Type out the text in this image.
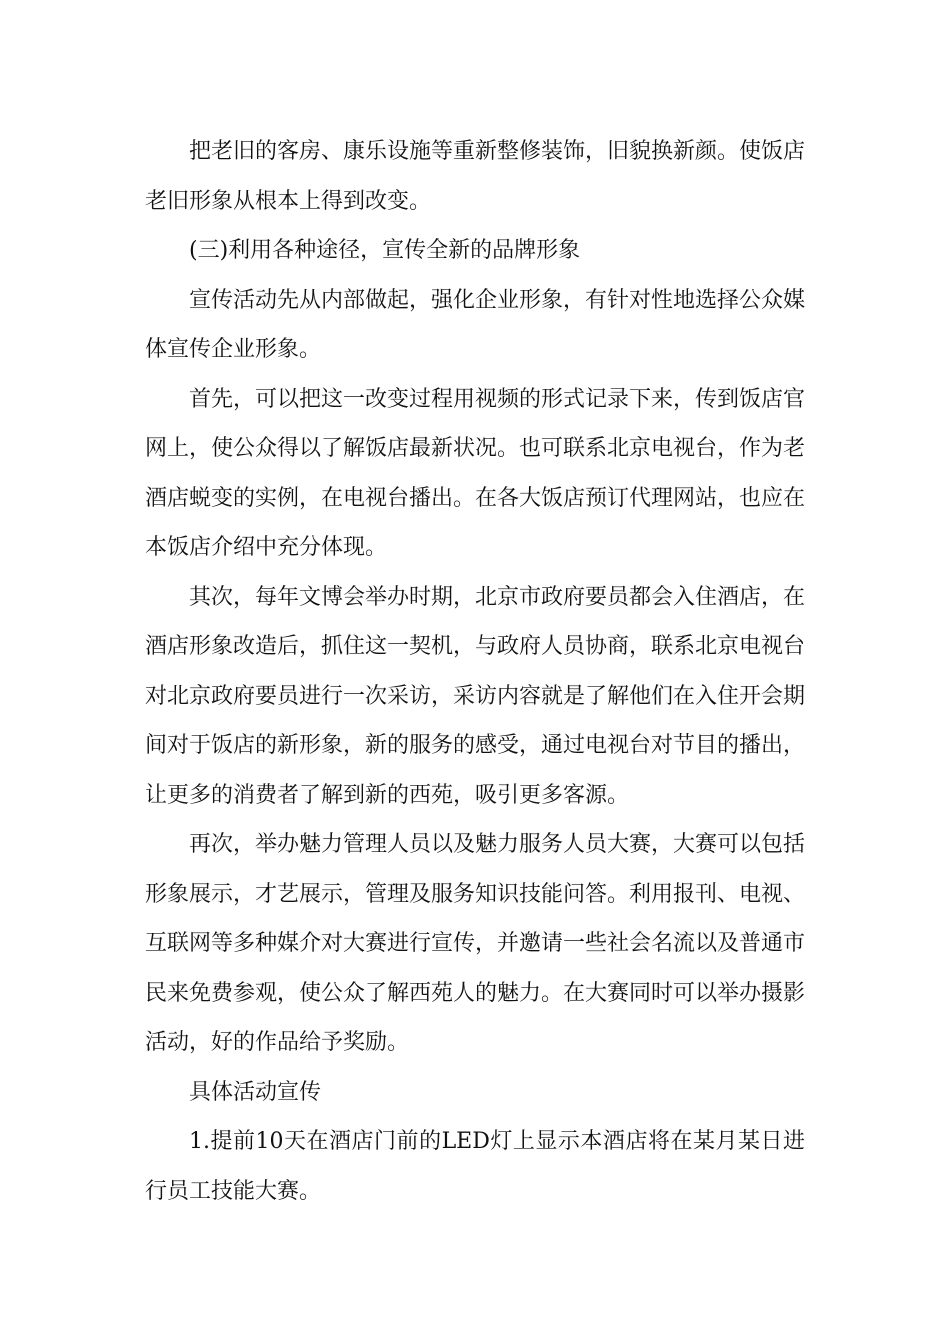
把老旧的客房、康乐设施等重新整修装饰，旧貌换新颜。使饭店老旧形象从根本上得到改变。

(三)利用各种途径，宣传全新的品牌形象

宣传活动先从内部做起，强化企业形象，有针对性地选择公众媒体宣传企业形象。

首先，可以把这一改变过程用视频的形式记录下来，传到饭店官网上，使公众得以了解饭店最新状况。也可联系北京电视台，作为老酒店蜕变的实例，在电视台播出。在各大饭店预订代理网站，也应在本饭店介绍中充分体现。

其次，每年文博会举办时期，北京市政府要员都会入住酒店，在酒店形象改造后，抓住这一契机，与政府人员协商，联系北京电视台对北京政府要员进行一次采访，采访内容就是了解他们在入住开会期间对于饭店的新形象，新的服务的感受，通过电视台对节目的播出，让更多的消费者了解到新的西苑，吸引更多客源。

再次，举办魅力管理人员以及魅力服务人员大赛，大赛可以包括形象展示，才艺展示，管理及服务知识技能问答。利用报刊、电视、互联网等多种媒介对大赛进行宣传，并邀请一些社会名流以及普通市民来免费参观，使公众了解西苑人的魅力。在大赛同时可以举办摄影活动，好的作品给予奖励。

具体活动宣传

1.提前10天在酒店门前的LED灯上显示本酒店将在某月某日进行员工技能大赛。
